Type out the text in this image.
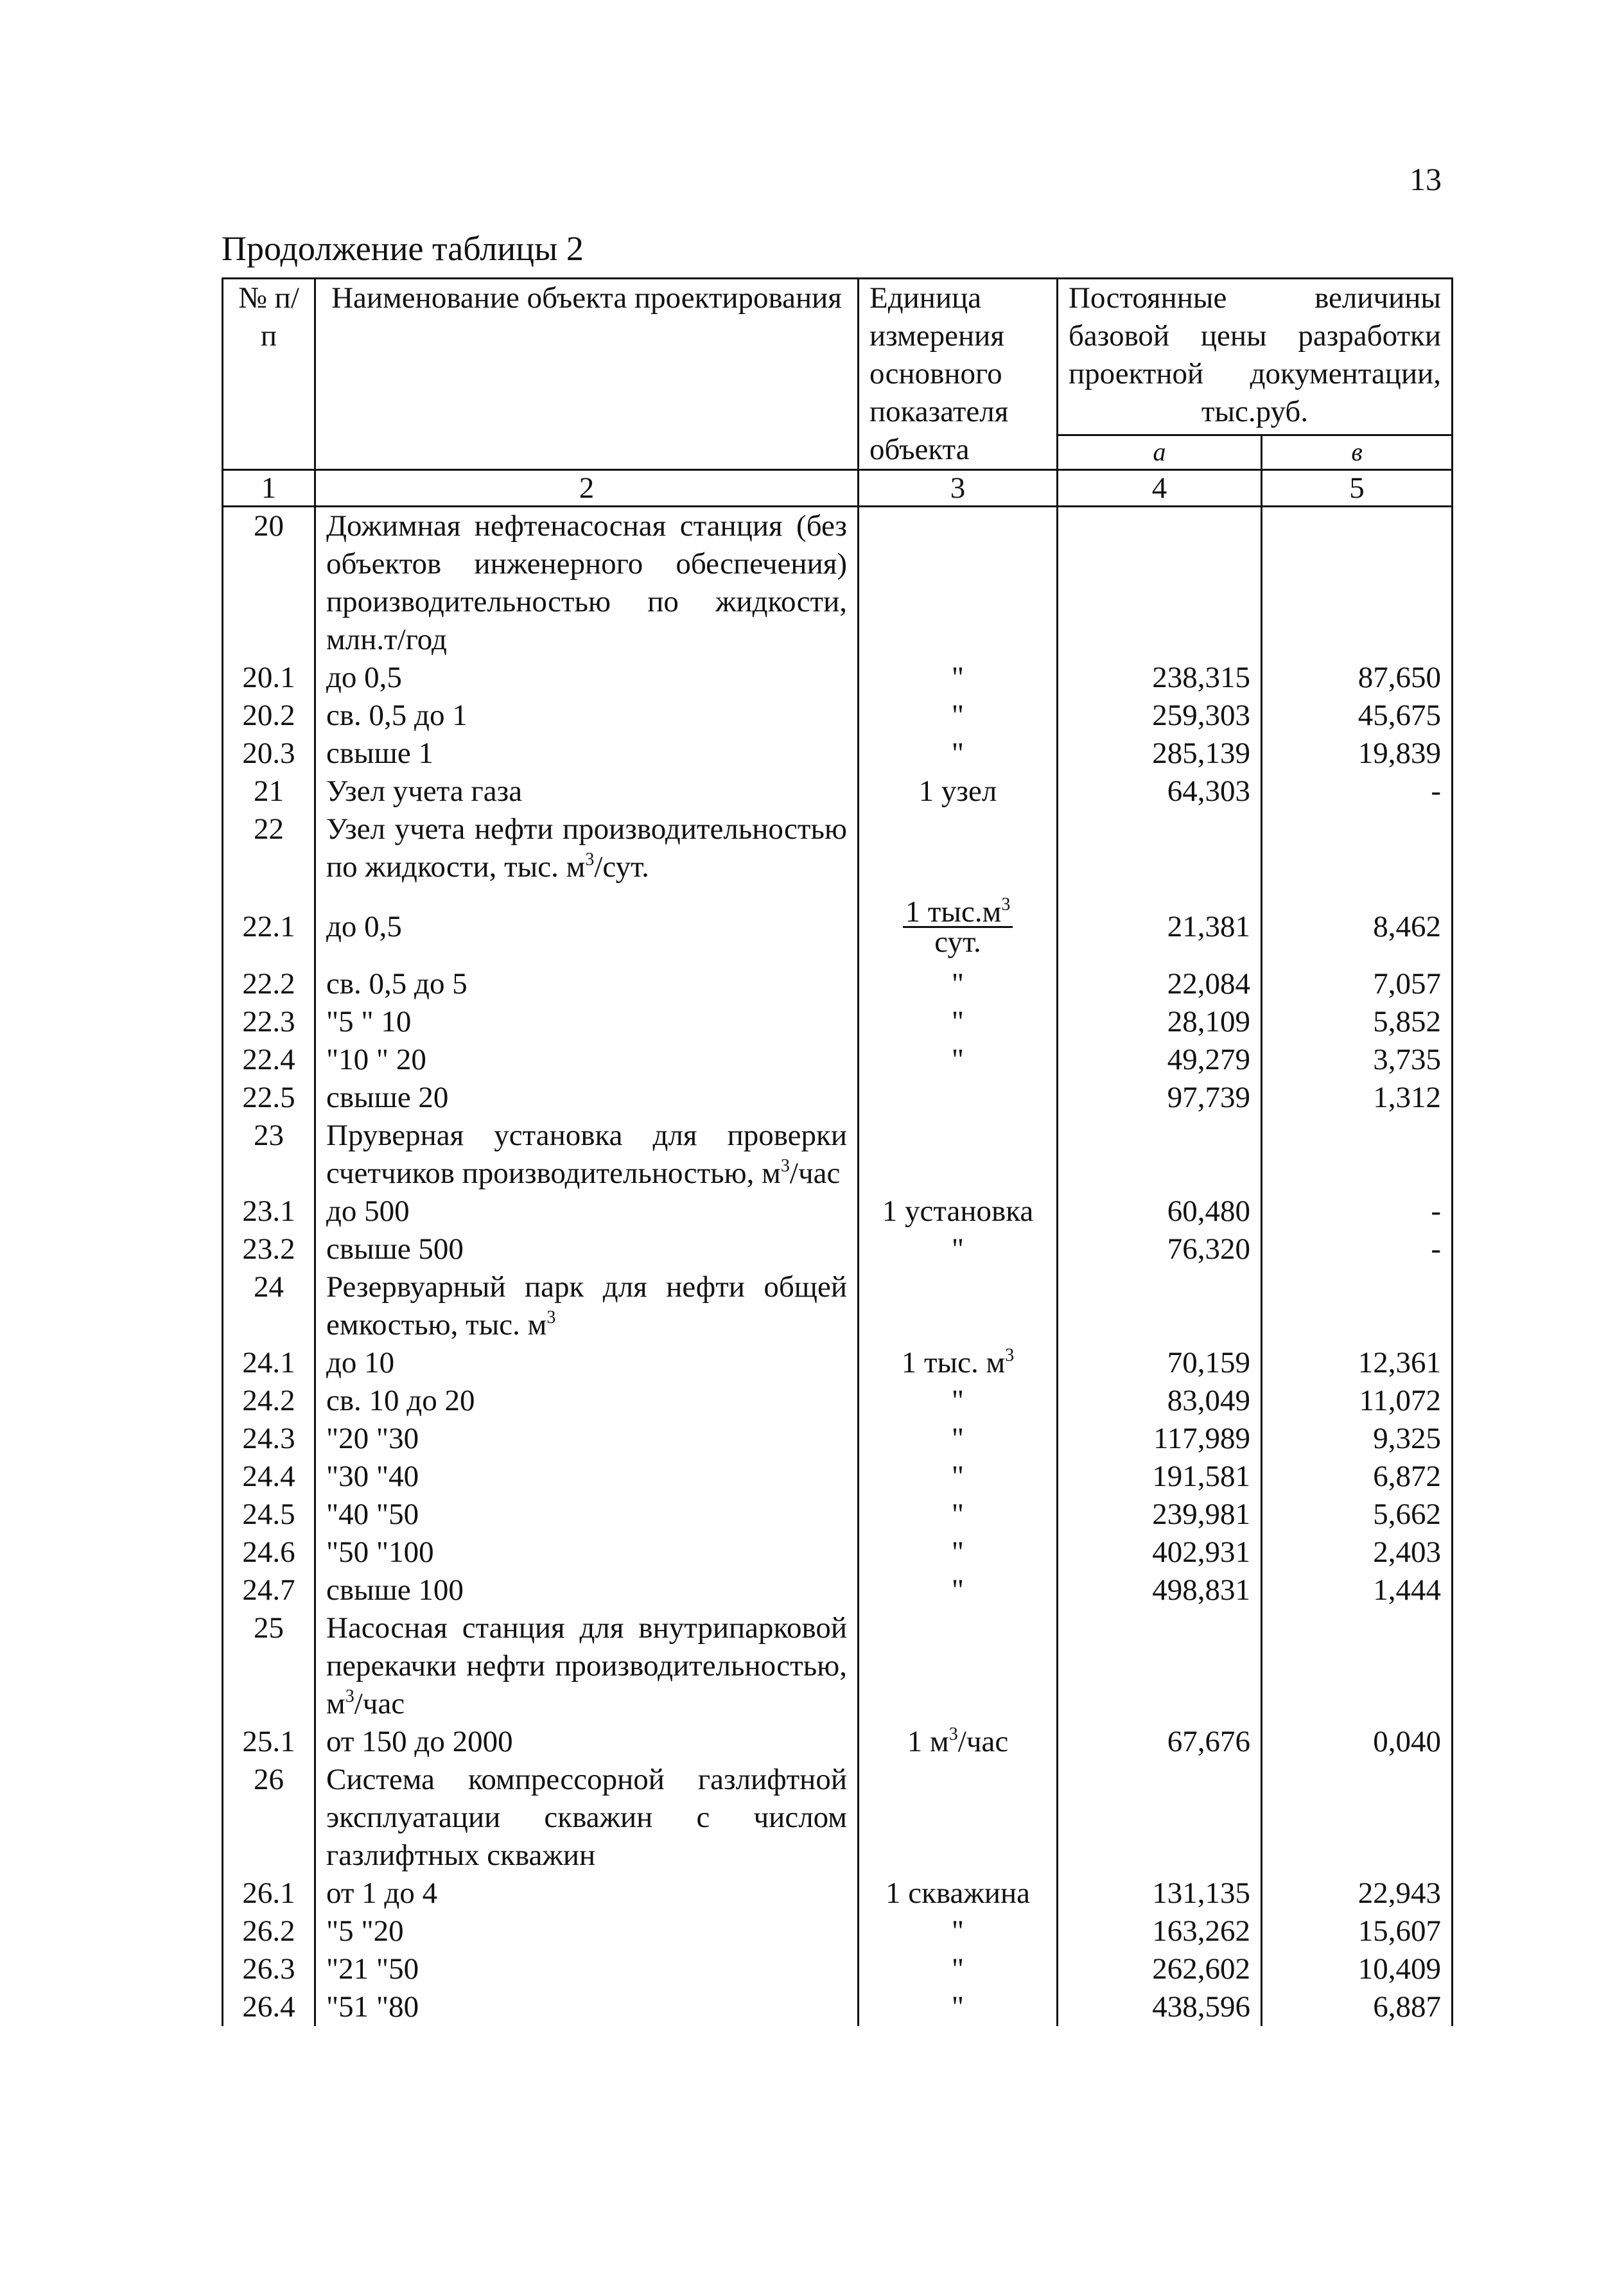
13
Продолжение таблицы 2
№ п/п	Наименование объекта проектирования	Единица измерения основного показателя объекта	Постоянные величины базовой цены разработки проектной документации, тыс.руб.	
			а	в
1	2	3	4	5
20	Дожимная нефтенасосная станция (без объектов инженерного обеспечения) производительностью по жидкости, млн.т/год			
20.1	до 0,5	"	238,315	87,650
20.2	св. 0,5 до 1	"	259,303	45,675
20.3	свыше 1	"	285,139	19,839
21	Узел учета газа	1 узел	64,303	-
22	Узел учета нефти производительностью по жидкости, тыс. $м^3$/сут.			
22.1	до 0,5	$\frac{1 тыс.м^3}{\text{сут.}}$	21,381	8,462
22.2	св. 0,5 до 5	"	22,084	7,057
22.3	"5 " 10	"	28,109	5,852
22.4	"10 " 20	"	49,279	3,735
22.5	свыше 20		97,739	1,312
23	Пруверная установка для проверки счетчиков производительностью, $м^3$/час			
23.1	до 500	1 установка	60,480	-
23.2	свыше 500	"	76,320	-
24	Резервуарный парк для нефти общей емкостью, тыс. $м^3$			
24.1	до 10	1 тыс. $м^3$	70,159	12,361
24.2	св. 10 до 20	"	83,049	11,072
24.3	"20 "30	"	117,989	9,325
24.4	"30 "40	"	191,581	6,872
24.5	"40 "50	"	239,981	5,662
24.6	"50 "100	"	402,931	2,403
24.7	свыше 100	"	498,831	1,444
25	Насосная станция для внутрипарковой перекачки нефти производительностью, $м^3$/час			
25.1	от 150 до 2000	1 $м^3$/час	67,676	0,040
26	Система компрессорной газлифтной эксплуатации скважин с числом газлифтных скважин			
26.1	от 1 до 4	1 скважина	131,135	22,943
26.2	"5 "20	"	163,262	15,607
26.3	"21 "50	"	262,602	10,409
26.4	"51 "80	"	438,596	6,887
